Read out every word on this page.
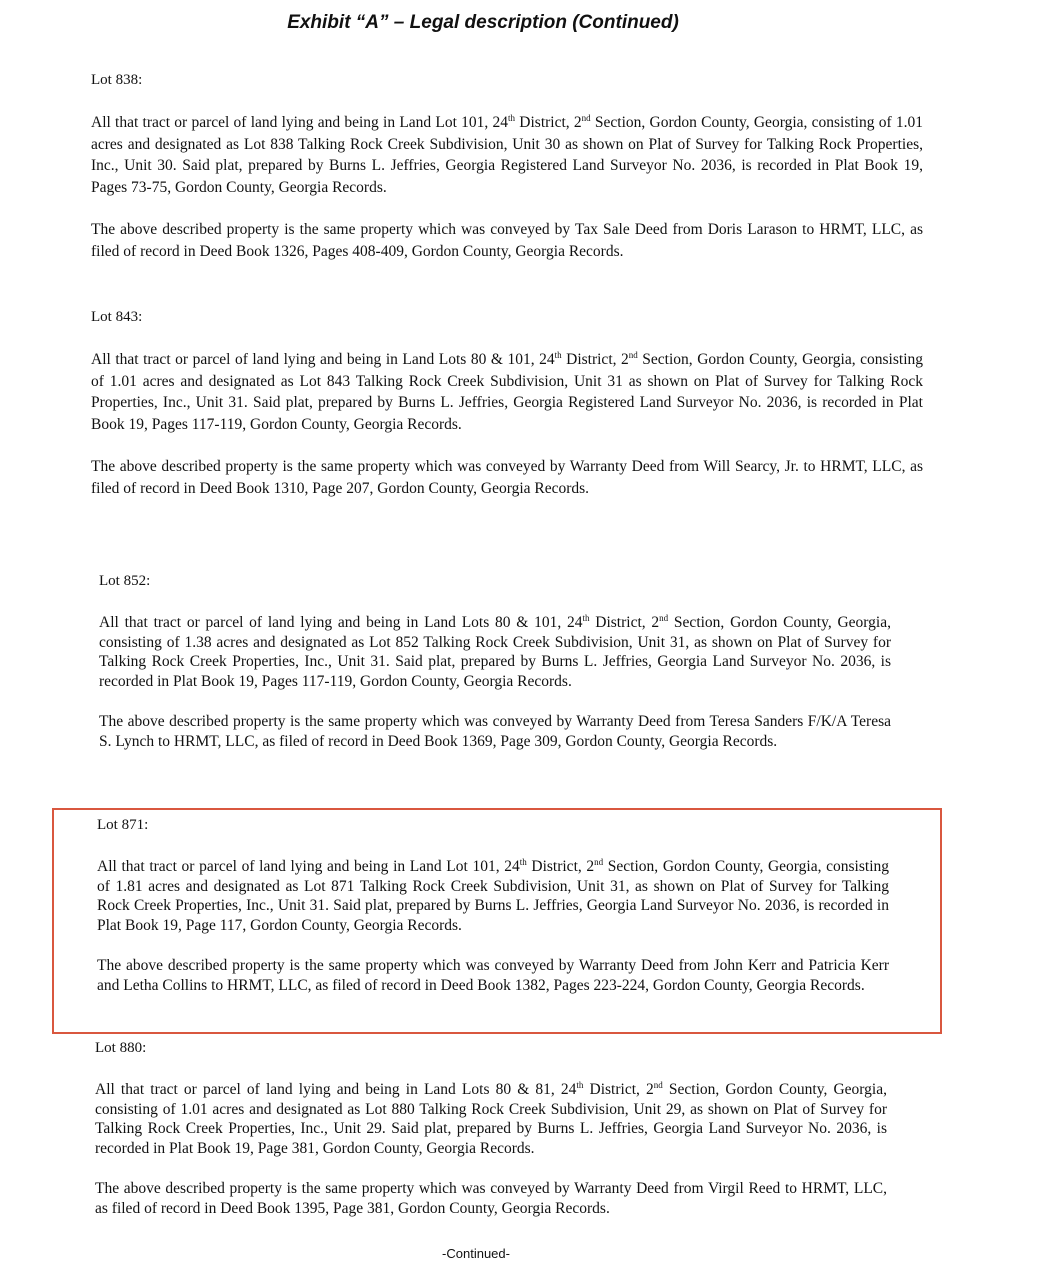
Exhibit “A” – Legal description (Continued)

Lot 838:

All that tract or parcel of land lying and being in Land Lot 101, 24th District, 2nd Section, Gordon County, Georgia, consisting of 1.01 acres and designated as Lot 838 Talking Rock Creek Subdivision, Unit 30 as shown on Plat of Survey for Talking Rock Properties, Inc., Unit 30. Said plat, prepared by Burns L. Jeffries, Georgia Registered Land Surveyor No. 2036, is recorded in Plat Book 19, Pages 73-75, Gordon County, Georgia Records.

The above described property is the same property which was conveyed by Tax Sale Deed from Doris Larason to HRMT, LLC, as filed of record in Deed Book 1326, Pages 408-409, Gordon County, Georgia Records.

Lot 843:

All that tract or parcel of land lying and being in Land Lots 80 & 101, 24th District, 2nd Section, Gordon County, Georgia, consisting of 1.01 acres and designated as Lot 843 Talking Rock Creek Subdivision, Unit 31 as shown on Plat of Survey for Talking Rock Properties, Inc., Unit 31. Said plat, prepared by Burns L. Jeffries, Georgia Registered Land Surveyor No. 2036, is recorded in Plat Book 19, Pages 117-119, Gordon County, Georgia Records.

The above described property is the same property which was conveyed by Warranty Deed from Will Searcy, Jr. to HRMT, LLC, as filed of record in Deed Book 1310, Page 207, Gordon County, Georgia Records.

Lot 852:

All that tract or parcel of land lying and being in Land Lots 80 & 101, 24th District, 2nd Section, Gordon County, Georgia, consisting of 1.38 acres and designated as Lot 852 Talking Rock Creek Subdivision, Unit 31, as shown on Plat of Survey for Talking Rock Creek Properties, Inc., Unit 31. Said plat, prepared by Burns L. Jeffries, Georgia Land Surveyor No. 2036, is recorded in Plat Book 19, Pages 117-119, Gordon County, Georgia Records.

The above described property is the same property which was conveyed by Warranty Deed from Teresa Sanders F/K/A Teresa S. Lynch to HRMT, LLC, as filed of record in Deed Book 1369, Page 309, Gordon County, Georgia Records.

Lot 871:

All that tract or parcel of land lying and being in Land Lot 101, 24th District, 2nd Section, Gordon County, Georgia, consisting of 1.81 acres and designated as Lot 871 Talking Rock Creek Subdivision, Unit 31, as shown on Plat of Survey for Talking Rock Creek Properties, Inc., Unit 31. Said plat, prepared by Burns L. Jeffries, Georgia Land Surveyor No. 2036, is recorded in Plat Book 19, Page 117, Gordon County, Georgia Records.

The above described property is the same property which was conveyed by Warranty Deed from John Kerr and Patricia Kerr and Letha Collins to HRMT, LLC, as filed of record in Deed Book 1382, Pages 223-224, Gordon County, Georgia Records.

Lot 880:

All that tract or parcel of land lying and being in Land Lots 80 & 81, 24th District, 2nd Section, Gordon County, Georgia, consisting of 1.01 acres and designated as Lot 880 Talking Rock Creek Subdivision, Unit 29, as shown on Plat of Survey for Talking Rock Creek Properties, Inc., Unit 29. Said plat, prepared by Burns L. Jeffries, Georgia Land Surveyor No. 2036, is recorded in Plat Book 19, Page 381, Gordon County, Georgia Records.

The above described property is the same property which was conveyed by Warranty Deed from Virgil Reed to HRMT, LLC, as filed of record in Deed Book 1395, Page 381, Gordon County, Georgia Records.

-Continued-
